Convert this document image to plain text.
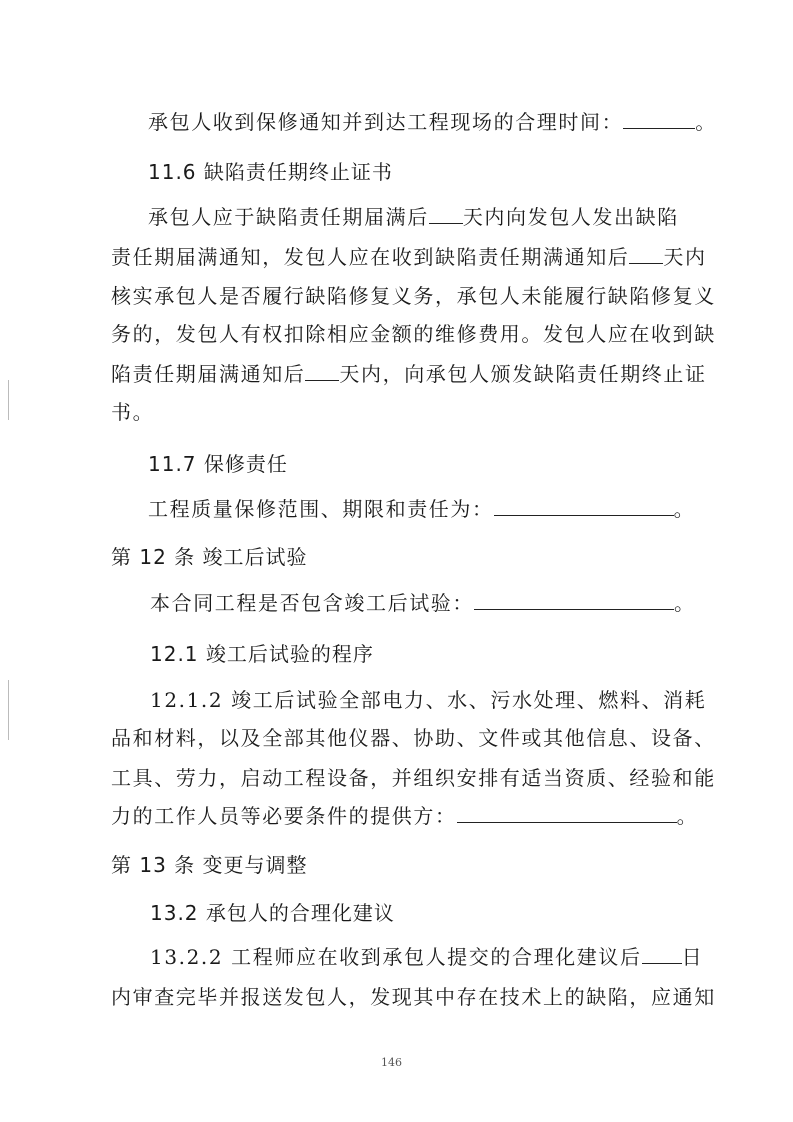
承包人收到保修通知并到达工程现场的合理时间：	。
11.6 缺陷责任期终止证书
承包人应于缺陷责任期届满后 天内向发包人发出缺陷
责任期届满通知，发包人应在收到缺陷责任期满通知后 天内
核实承包人是否履行缺陷修复义务，承包人未能履行缺陷修复义
务的，发包人有权扣除相应金额的维修费用。发包人应在收到缺
陷责任期届满通知后 天内，向承包人颁发缺陷责任期终止证
书。
11.7 保修责任
工程质量保修范围、期限和责任为：	。
第 12 条 竣工后试验
本合同工程是否包含竣工后试验：	。
12.1 竣工后试验的程序
12.1.2 竣工后试验全部电力、水、污水处理、燃料、消耗
品和材料，以及全部其他仪器、协助、文件或其他信息、设备、
工具、劳力，启动工程设备，并组织安排有适当资质、经验和能
力的工作人员等必要条件的提供方：	。
第 13 条 变更与调整
13.2 承包人的合理化建议
13.2.2 工程师应在收到承包人提交的合理化建议后 日
内审查完毕并报送发包人，发现其中存在技术上的缺陷，应通知
146
